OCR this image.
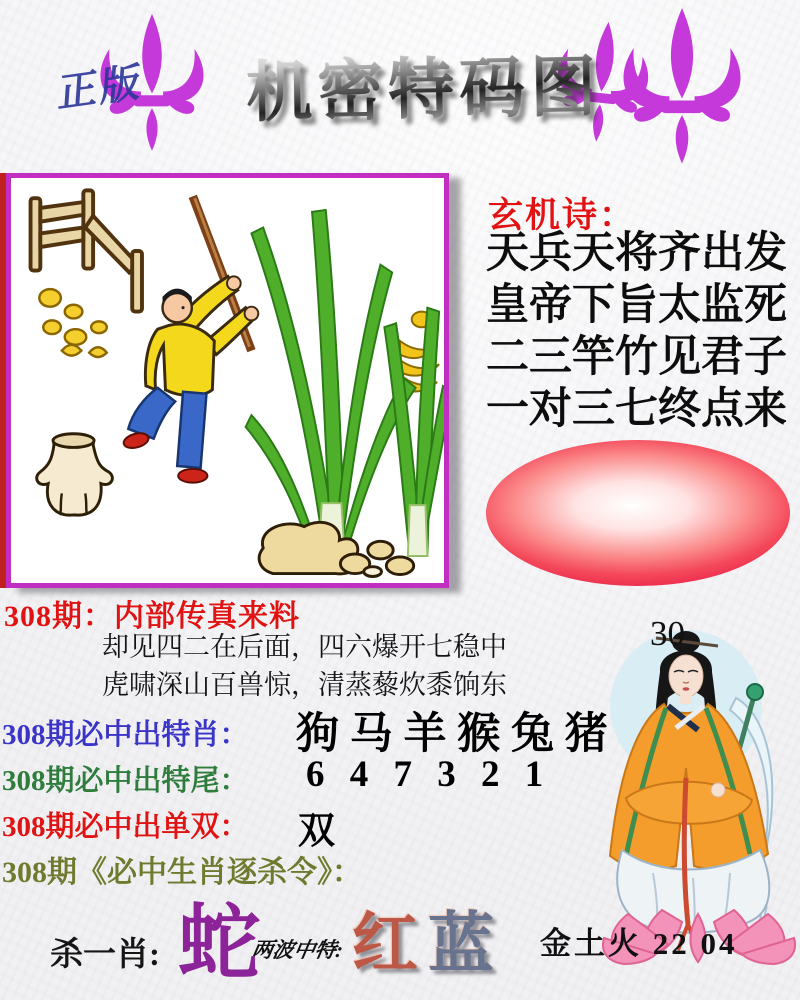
正版 机密特码图
玄机诗：
天兵天将齐出发
皇帝下旨太监死
二三竿竹见君子
一对三七终点来
308期：内部传真来料
却见四二在后面，四六爆开七稳中
虎啸深山百兽惊，清蒸藜炊黍饷东
308期必中出特肖： 狗 马 羊 猴 兔 猪
308期必中出特尾： 6 4 7 3 2 1
308期必中出单双： 双
308期《必中生肖逐杀令》：
30
杀一肖: 蛇
两波中特: 红蓝 金土火 22 04
